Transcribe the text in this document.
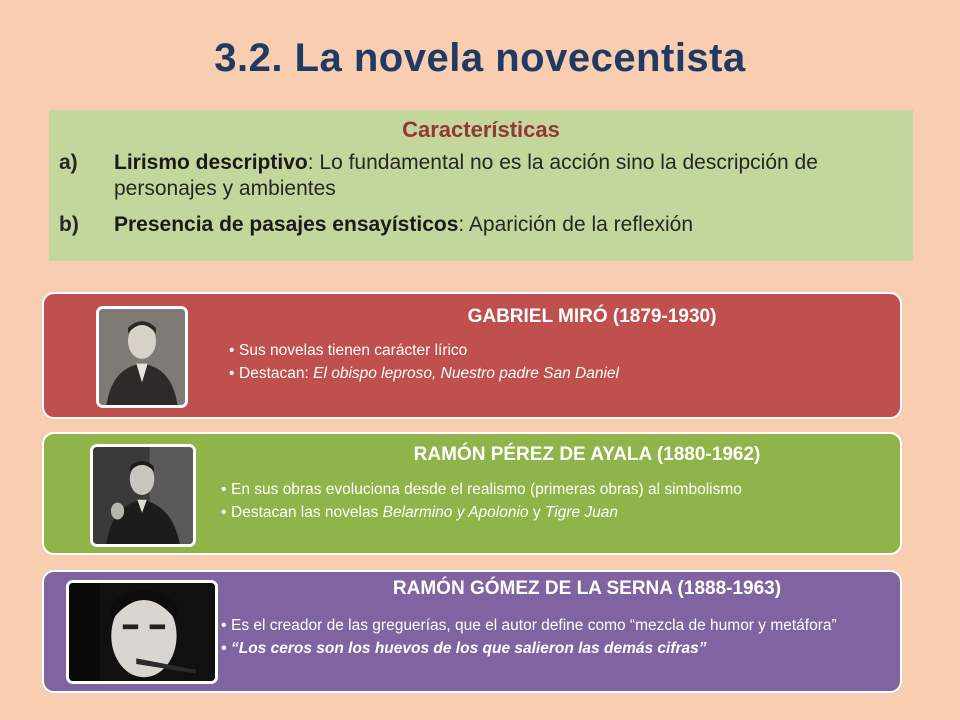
3.2. La novela novecentista
Características
a) Lirismo descriptivo: Lo fundamental no es la acción sino la descripción de personajes y ambientes
b) Presencia de pasajes ensayísticos: Aparición de la reflexión
GABRIEL MIRÓ (1879-1930)
• Sus novelas tienen carácter lírico
• Destacan: El obispo leproso, Nuestro padre San Daniel
RAMÓN PÉREZ DE AYALA (1880-1962)
• En sus obras evoluciona desde el realismo (primeras obras) al simbolismo
• Destacan las novelas Belarmino y Apolonio y Tigre Juan
RAMÓN GÓMEZ DE LA SERNA (1888-1963)
• Es el creador de las greguerías, que el autor define como “mezcla de humor y metáfora”
• “Los ceros son los huevos de los que salieron las demás cifras”
